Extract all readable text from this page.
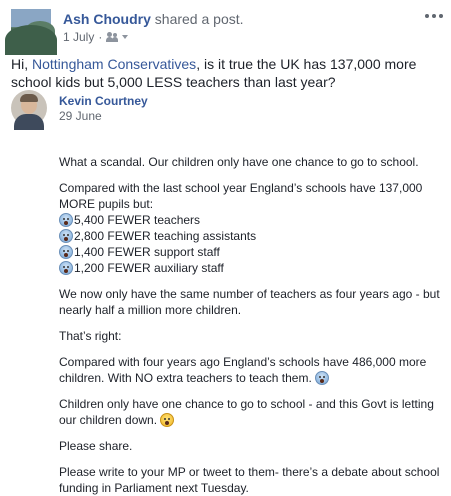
Ash Choudry shared a post.
1 July ·
Hi, Nottingham Conservatives, is it true the UK has 137,000 more school kids but 5,000 LESS teachers than last year?
Kevin Courtney
29 June
What a scandal. Our children only have one chance to go to school.
Compared with the last school year England’s schools have 137,000 MORE pupils but:
5,400 FEWER teachers
2,800 FEWER teaching assistants
1,400 FEWER support staff
1,200 FEWER auxiliary staff
We now only have the same number of teachers as four years ago - but nearly half a million more children.
That’s right:
Compared with four years ago England’s schools have 486,000 more children. With NO extra teachers to teach them.
Children only have one chance to go to school - and this Govt is letting our children down.
Please share.
Please write to your MP or tweet to them- there’s a debate about school funding in Parliament next Tuesday.
